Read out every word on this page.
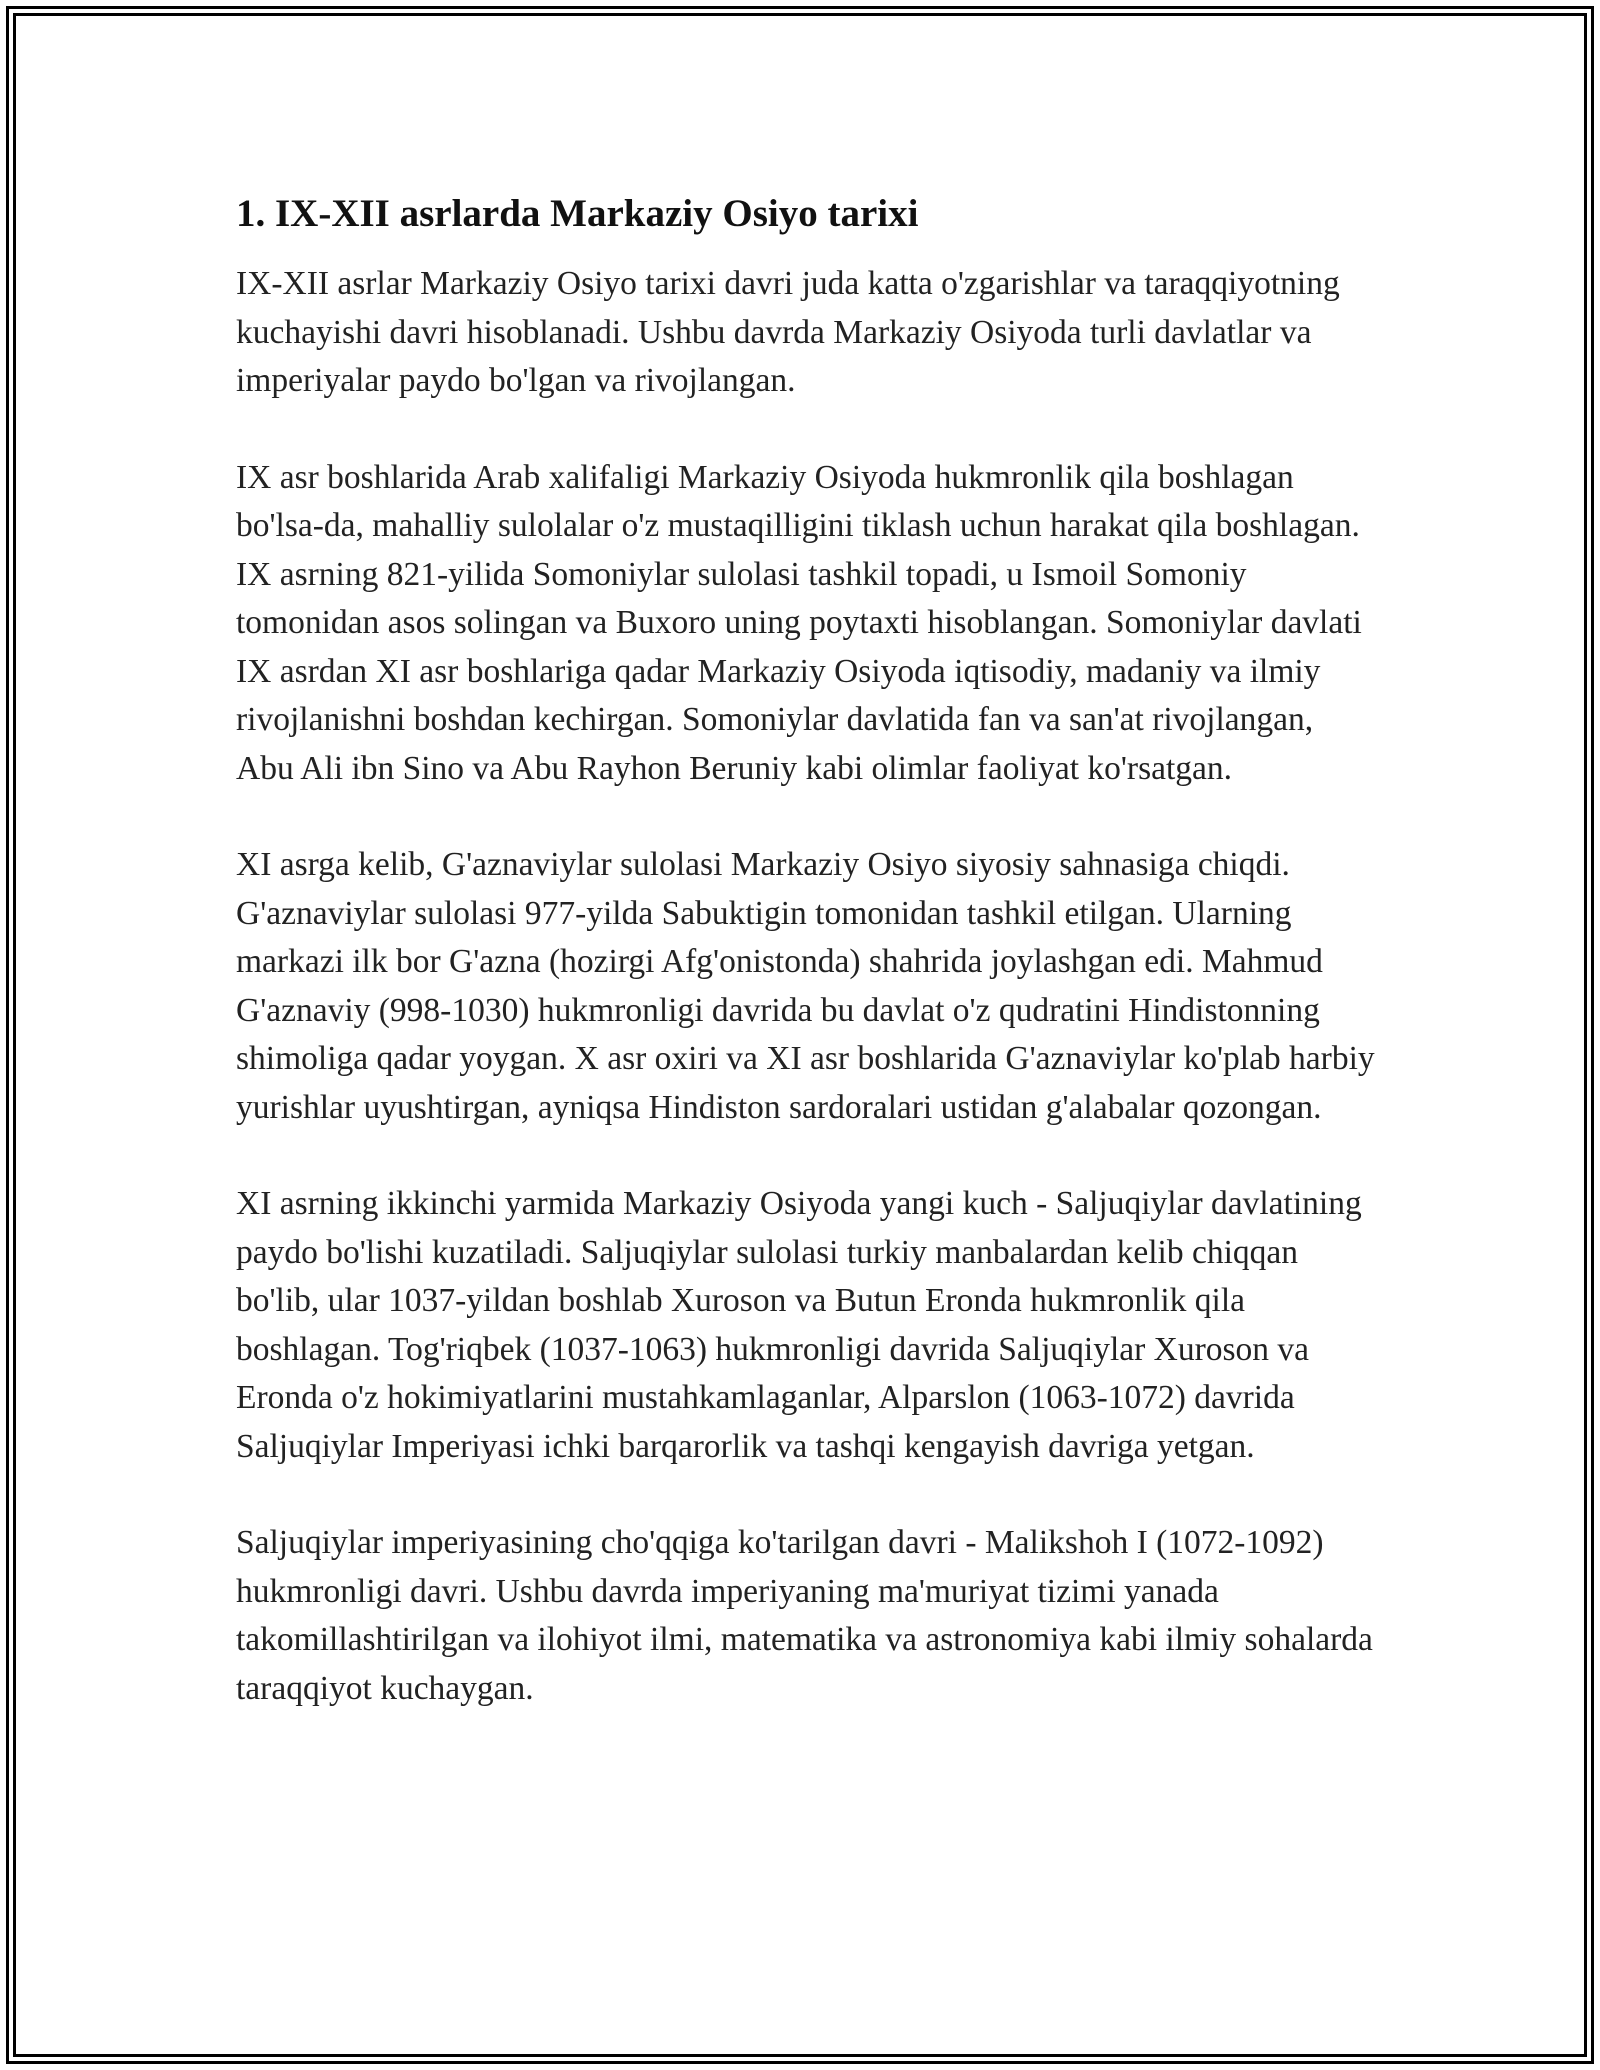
1. IX-XII asrlarda Markaziy Osiyo tarixi

IX-XII asrlar Markaziy Osiyo tarixi davri juda katta o'zgarishlar va taraqqiyotning kuchayishi davri hisoblanadi. Ushbu davrda Markaziy Osiyoda turli davlatlar va imperiyalar paydo bo'lgan va rivojlangan.

IX asr boshlarida Arab xalifaligi Markaziy Osiyoda hukmronlik qila boshlagan bo'lsa-da, mahalliy sulolalar o'z mustaqilligini tiklash uchun harakat qila boshlagan. IX asrning 821-yilida Somoniylar sulolasi tashkil topadi, u Ismoil Somoniy tomonidan asos solingan va Buxoro uning poytaxti hisoblangan. Somoniylar davlati IX asrdan XI asr boshlariga qadar Markaziy Osiyoda iqtisodiy, madaniy va ilmiy rivojlanishni boshdan kechirgan. Somoniylar davlatida fan va san'at rivojlangan, Abu Ali ibn Sino va Abu Rayhon Beruniy kabi olimlar faoliyat ko'rsatgan.

XI asrga kelib, G'aznaviylar sulolasi Markaziy Osiyo siyosiy sahnasiga chiqdi. G'aznaviylar sulolasi 977-yilda Sabuktigin tomonidan tashkil etilgan. Ularning markazi ilk bor G'azna (hozirgi Afg'onistonda) shahrida joylashgan edi. Mahmud G'aznaviy (998-1030) hukmronligi davrida bu davlat o'z qudratini Hindistonning shimoliga qadar yoygan. X asr oxiri va XI asr boshlarida G'aznaviylar ko'plab harbiy yurishlar uyushtirgan, ayniqsa Hindiston sardoralari ustidan g'alabalar qozongan.

XI asrning ikkinchi yarmida Markaziy Osiyoda yangi kuch - Saljuqiylar davlatining paydo bo'lishi kuzatiladi. Saljuqiylar sulolasi turkiy manbalardan kelib chiqqan bo'lib, ular 1037-yildan boshlab Xuroson va Butun Eronda hukmronlik qila boshlagan. Tog'riqbek (1037-1063) hukmronligi davrida Saljuqiylar Xuroson va Eronda o'z hokimiyatlarini mustahkamlaganlar, Alparslon (1063-1072) davrida Saljuqiylar Imperiyasi ichki barqarorlik va tashqi kengayish davriga yetgan.

Saljuqiylar imperiyasining cho'qqiga ko'tarilgan davri - Malikshoh I (1072-1092) hukmronligi davri. Ushbu davrda imperiyaning ma'muriyat tizimi yanada takomillashtirilgan va ilohiyot ilmi, matematika va astronomiya kabi ilmiy sohalarda taraqqiyot kuchaygan.
